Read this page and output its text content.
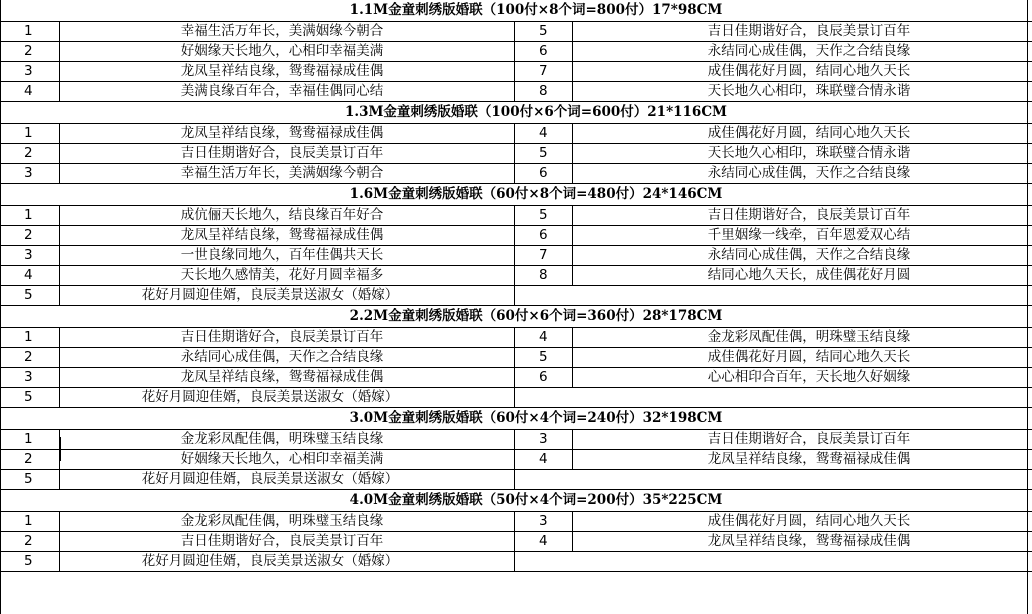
1.1M金童刺绣版婚联（100付×8个词=800付）17*98CM
1	幸福生活万年长，美满姻缘今朝合	5	吉日佳期谐好合，良辰美景订百年
2	好姻缘天长地久，心相印幸福美满	6	永结同心成佳偶，天作之合结良缘
3	龙凤呈祥结良缘，鸳鸯福禄成佳偶	7	成佳偶花好月圆，结同心地久天长
4	美满良缘百年合，幸福佳偶同心结	8	天长地久心相印，珠联璧合情永谐
1.3M金童刺绣版婚联（100付×6个词=600付）21*116CM
1	龙凤呈祥结良缘，鸳鸯福禄成佳偶	4	成佳偶花好月圆，结同心地久天长
2	吉日佳期谐好合，良辰美景订百年	5	天长地久心相印，珠联璧合情永谐
3	幸福生活万年长，美满姻缘今朝合	6	永结同心成佳偶，天作之合结良缘
1.6M金童刺绣版婚联（60付×8个词=480付）24*146CM
1	成伉俪天长地久，结良缘百年好合	5	吉日佳期谐好合，良辰美景订百年
2	龙凤呈祥结良缘，鸳鸯福禄成佳偶	6	千里姻缘一线牵，百年恩爱双心结
3	一世良缘同地久，百年佳偶共天长	7	永结同心成佳偶，天作之合结良缘
4	天长地久感情美，花好月圆幸福多	8	结同心地久天长，成佳偶花好月圆
5	花好月圆迎佳婿，良辰美景送淑女（婚嫁）
2.2M金童刺绣版婚联（60付×6个词=360付）28*178CM
1	吉日佳期谐好合，良辰美景订百年	4	金龙彩凤配佳偶，明珠璧玉结良缘
2	永结同心成佳偶，天作之合结良缘	5	成佳偶花好月圆，结同心地久天长
3	龙凤呈祥结良缘，鸳鸯福禄成佳偶	6	心心相印合百年，天长地久好姻缘
5	花好月圆迎佳婿，良辰美景送淑女（婚嫁）
3.0M金童刺绣版婚联（60付×4个词=240付）32*198CM
1	金龙彩凤配佳偶，明珠璧玉结良缘	3	吉日佳期谐好合，良辰美景订百年
2	好姻缘天长地久，心相印幸福美满	4	龙凤呈祥结良缘，鸳鸯福禄成佳偶
5	花好月圆迎佳婿，良辰美景送淑女（婚嫁）
4.0M金童刺绣版婚联（50付×4个词=200付）35*225CM
1	金龙彩凤配佳偶，明珠璧玉结良缘	3	成佳偶花好月圆，结同心地久天长
2	吉日佳期谐好合，良辰美景订百年	4	龙凤呈祥结良缘，鸳鸯福禄成佳偶
5	花好月圆迎佳婿，良辰美景送淑女（婚嫁）
